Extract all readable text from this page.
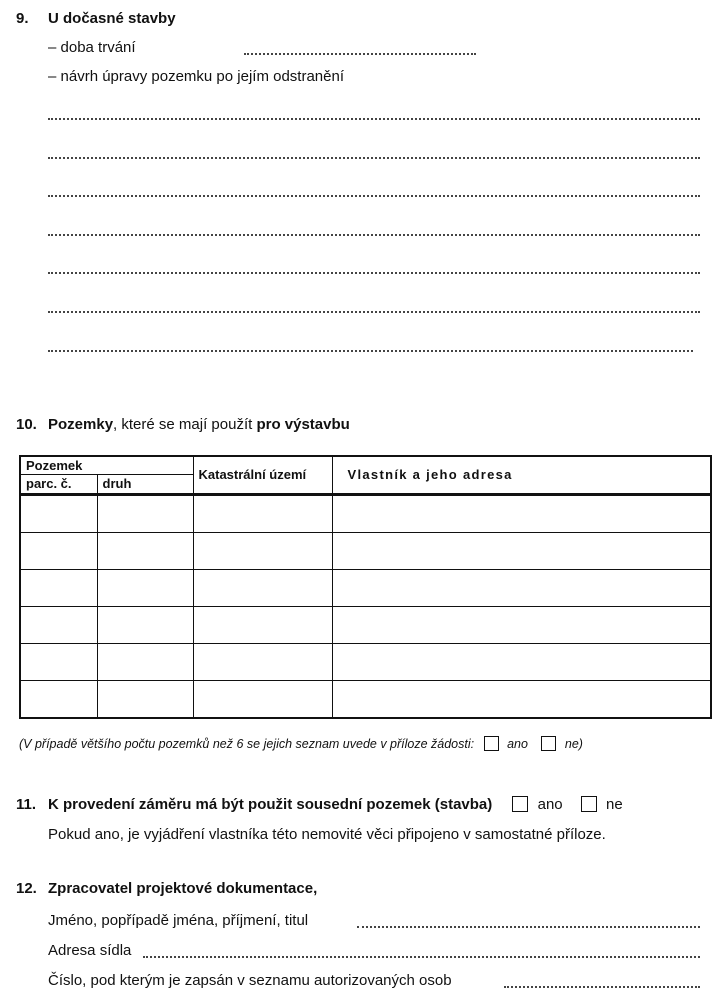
9. U dočasné stavby
– doba trvání
– návrh úpravy pozemku po jejím odstranění
10. Pozemky, které se mají použít pro výstavbu
Pozemek		Katastrální území	Vlastník a jeho adresa
parc. č.	druh		

(V případě většího počtu pozemků než 6 se jejich seznam uvede v příloze žádosti:	ano	ne)
11. K provedení záměru má být použit sousední pozemek (stavba)	ano	ne
Pokud ano, je vyjádření vlastníka této nemovité věci připojeno v samostatné příloze.
12. Zpracovatel projektové dokumentace,
Jméno, popřípadě jména, příjmení, titul
Adresa sídla
Číslo, pod kterým je zapsán v seznamu autorizovaných osob
